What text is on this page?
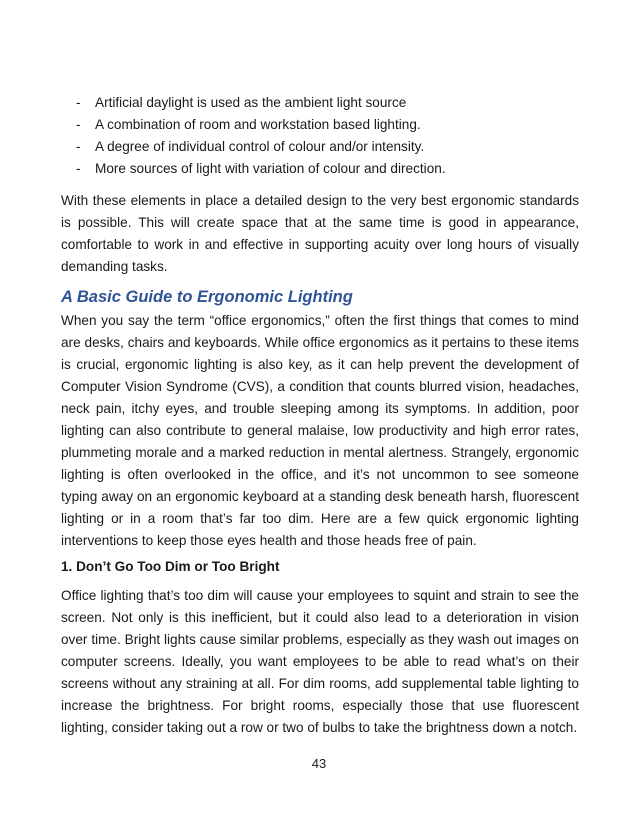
- Artificial daylight is used as the ambient light source
- A combination of room and workstation based lighting.
- A degree of individual control of colour and/or intensity.
- More sources of light with variation of colour and direction.

With these elements in place a detailed design to the very best ergonomic standards is possible. This will create space that at the same time is good in appearance, comfortable to work in and effective in supporting acuity over long hours of visually demanding tasks.

A Basic Guide to Ergonomic Lighting

When you say the term “office ergonomics,” often the first things that comes to mind are desks, chairs and keyboards. While office ergonomics as it pertains to these items is crucial, ergonomic lighting is also key, as it can help prevent the development of Computer Vision Syndrome (CVS), a condition that counts blurred vision, headaches, neck pain, itchy eyes, and trouble sleeping among its symptoms. In addition, poor lighting can also contribute to general malaise, low productivity and high error rates, plummeting morale and a marked reduction in mental alertness. Strangely, ergonomic lighting is often overlooked in the office, and it’s not uncommon to see someone typing away on an ergonomic keyboard at a standing desk beneath harsh, fluorescent lighting or in a room that’s far too dim. Here are a few quick ergonomic lighting interventions to keep those eyes health and those heads free of pain.

1. Don’t Go Too Dim or Too Bright

Office lighting that’s too dim will cause your employees to squint and strain to see the screen. Not only is this inefficient, but it could also lead to a deterioration in vision over time. Bright lights cause similar problems, especially as they wash out images on computer screens. Ideally, you want employees to be able to read what’s on their screens without any straining at all. For dim rooms, add supplemental table lighting to increase the brightness. For bright rooms, especially those that use fluorescent lighting, consider taking out a row or two of bulbs to take the brightness down a notch.

43
